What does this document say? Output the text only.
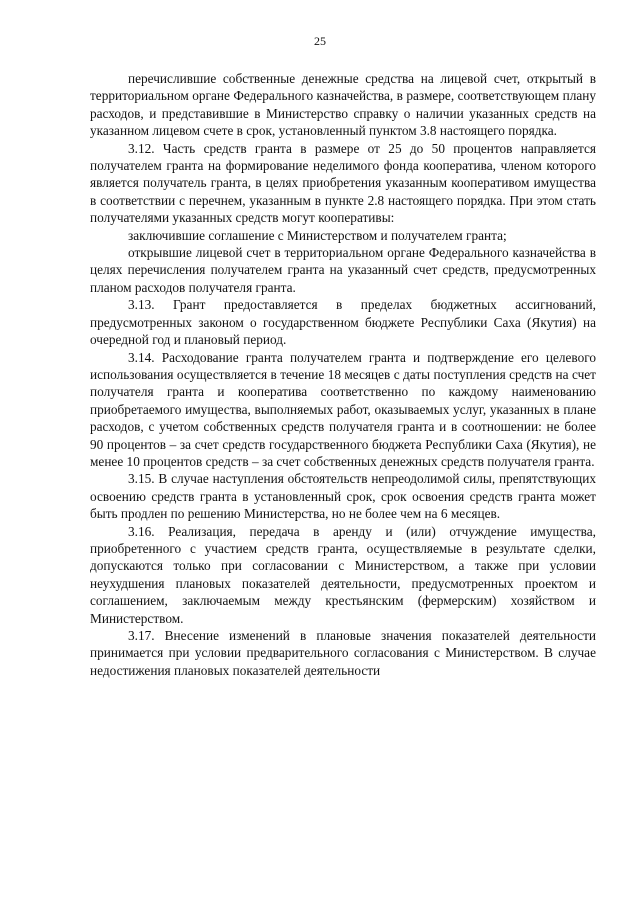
25

перечислившие собственные денежные средства на лицевой счет, открытый в территориальном органе Федерального казначейства, в размере, соответствующем плану расходов, и представившие в Министерство справку о наличии указанных средств на указанном лицевом счете в срок, установленный пунктом 3.8 настоящего порядка.

3.12. Часть средств гранта в размере от 25 до 50 процентов направляется получателем гранта на формирование неделимого фонда кооператива, членом которого является получатель гранта, в целях приобретения указанным кооперативом имущества в соответствии с перечнем, указанным в пункте 2.8 настоящего порядка. При этом стать получателями указанных средств могут кооперативы:

заключившие соглашение с Министерством и получателем гранта;

открывшие лицевой счет в территориальном органе Федерального казначейства в целях перечисления получателем гранта на указанный счет средств, предусмотренных планом расходов получателя гранта.

3.13. Грант предоставляется в пределах бюджетных ассигнований, предусмотренных законом о государственном бюджете Республики Саха (Якутия) на очередной год и плановый период.

3.14. Расходование гранта получателем гранта и подтверждение его целевого использования осуществляется в течение 18 месяцев с даты поступления средств на счет получателя гранта и кооператива соответственно по каждому наименованию приобретаемого имущества, выполняемых работ, оказываемых услуг, указанных в плане расходов, с учетом собственных средств получателя гранта и в соотношении: не более 90 процентов – за счет средств государственного бюджета Республики Саха (Якутия), не менее 10 процентов средств – за счет собственных денежных средств получателя гранта.

3.15. В случае наступления обстоятельств непреодолимой силы, препятствующих освоению средств гранта в установленный срок, срок освоения средств гранта может быть продлен по решению Министерства, но не более чем на 6 месяцев.

3.16. Реализация, передача в аренду и (или) отчуждение имущества, приобретенного с участием средств гранта, осуществляемые в результате сделки, допускаются только при согласовании с Министерством, а также при условии неухудшения плановых показателей деятельности, предусмотренных проектом и соглашением, заключаемым между крестьянским (фермерским) хозяйством и Министерством.

3.17. Внесение изменений в плановые значения показателей деятельности принимается при условии предварительного согласования с Министерством. В случае недостижения плановых показателей деятельности
